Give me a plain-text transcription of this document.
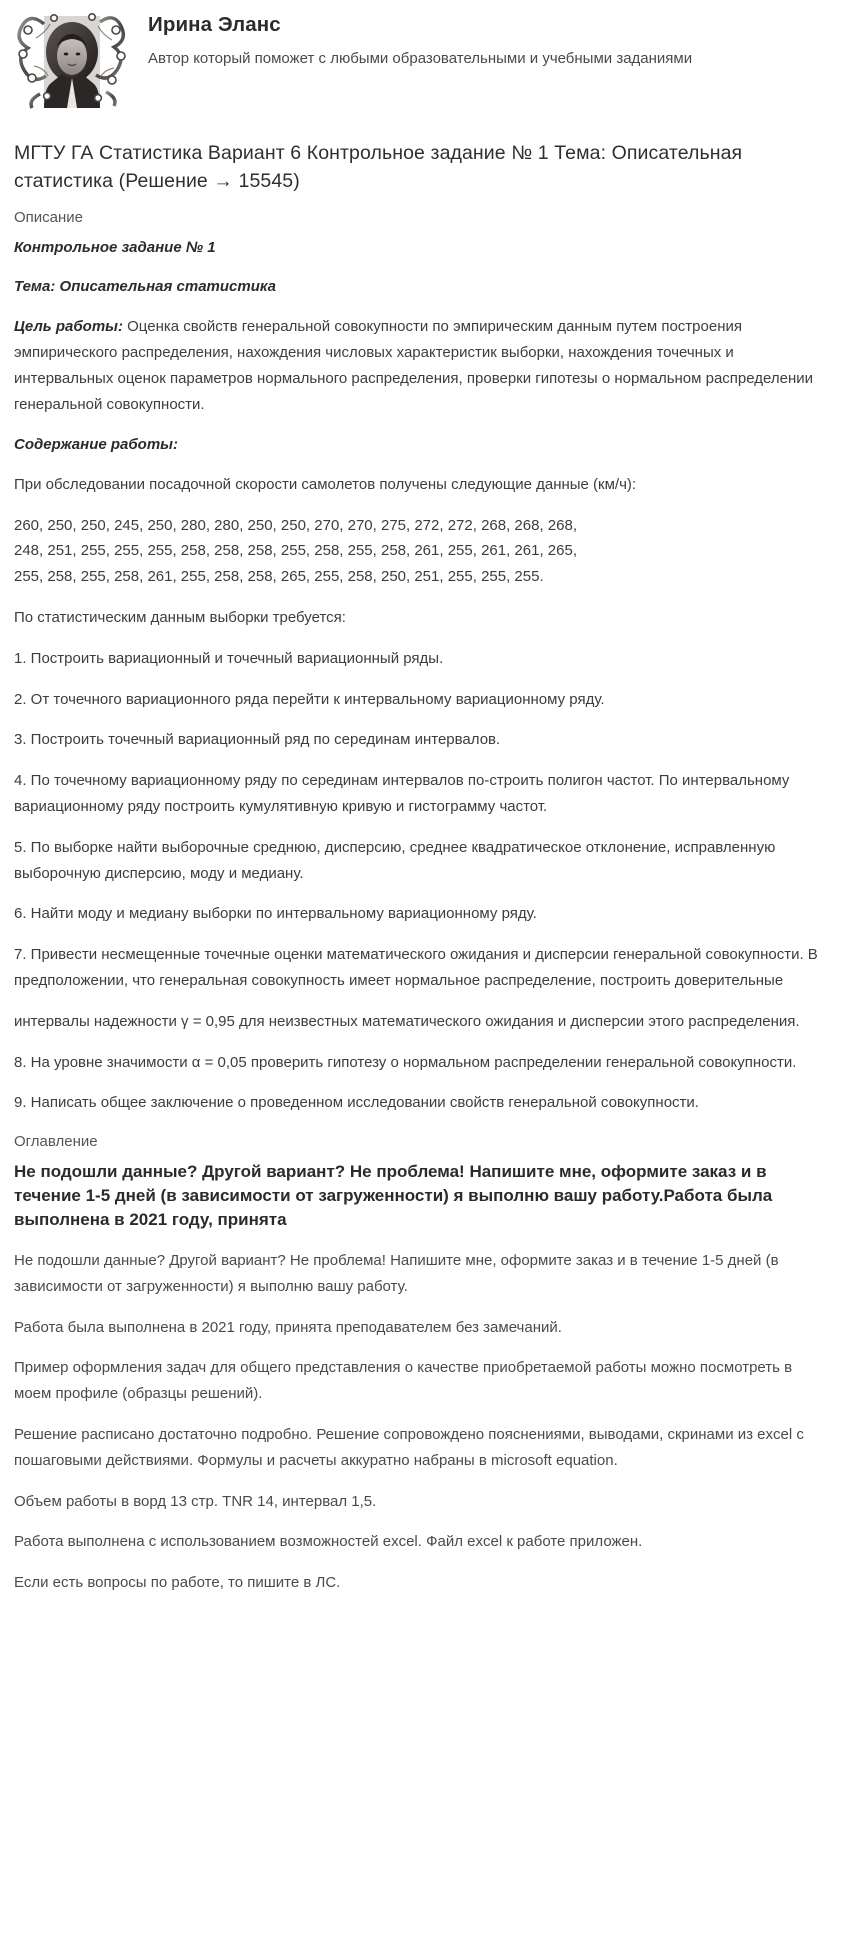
Ирина Эланс
Автор который поможет с любыми образовательными и учебными заданиями
МГТУ ГА Статистика Вариант 6 Контрольное задание № 1 Тема: Описательная статистика (Решение → 15545)
Описание
Контрольное задание № 1
Тема: Описательная статистика

Цель работы: Оценка свойств генеральной совокупности по эмпирическим данным путем построения эмпирического распределения, нахождения числовых характеристик выборки, нахождения точечных и интервальных оценок параметров нормального распределения, проверки гипотезы о нормальном распределении генеральной совокупности.

Содержание работы:

При обследовании посадочной скорости самолетов получены следующие данные (км/ч):

260, 250, 250, 245, 250, 280, 280, 250, 250, 270, 270, 275, 272, 272, 268, 268, 268,

248, 251, 255, 255, 255, 258, 258, 258, 255, 258, 255, 258, 261, 255, 261, 261, 265,

255, 258, 255, 258, 261, 255, 258, 258, 265, 255, 258, 250, 251, 255, 255, 255.

По статистическим данным выборки требуется:

1. Построить вариационный и точечный вариационный ряды.
2. От точечного вариационного ряда перейти к интервальному вариационному ряду.
3. Построить точечный вариационный ряд по серединам интервалов.
4. По точечному вариационному ряду по серединам интервалов по-строить полигон частот. По интервальному вариационному ряду построить кумулятивную кривую и гистограмму частот.
5. По выборке найти выборочные среднюю, дисперсию, среднее квадратическое отклонение, исправленную выборочную дисперсию, моду и медиану.
6. Найти моду и медиану выборки по интервальному вариационному ряду.
7. Привести несмещенные точечные оценки математического ожидания и дисперсии генеральной совокупности. В предположении, что генеральная совокупность имеет нормальное распределение, построить доверительные
интервалы надежности γ = 0,95 для неизвестных математического ожидания и дисперсии этого распределения.
8. На уровне значимости α = 0,05 проверить гипотезу о нормальном распределении генеральной совокупности.
9. Написать общее заключение о проведенном исследовании свойств генеральной совокупности.
Оглавление
Не подошли данные? Другой вариант? Не проблема! Напишите мне, оформите заказ и в течение 1-5 дней (в зависимости от загруженности) я выполню вашу работу.Работа была выполнена в 2021 году, принята

Не подошли данные? Другой вариант? Не проблема! Напишите мне, оформите заказ и в течение 1-5 дней (в зависимости от загруженности) я выполню вашу работу.

Работа была выполнена в 2021 году, принята преподавателем без замечаний.

Пример оформления задач для общего представления о качестве приобретаемой работы можно посмотреть в моем профиле (образцы решений).

Решение расписано достаточно подробно. Решение сопровождено пояснениями, выводами, скринами из excel с пошаговыми действиями. Формулы и расчеты аккуратно набраны в microsoft equation.

Объем работы в ворд 13 стр. TNR 14, интервал 1,5.

Работа выполнена с использованием возможностей excel. Файл excel к работе приложен.

Если есть вопросы по работе, то пишите в ЛС.
